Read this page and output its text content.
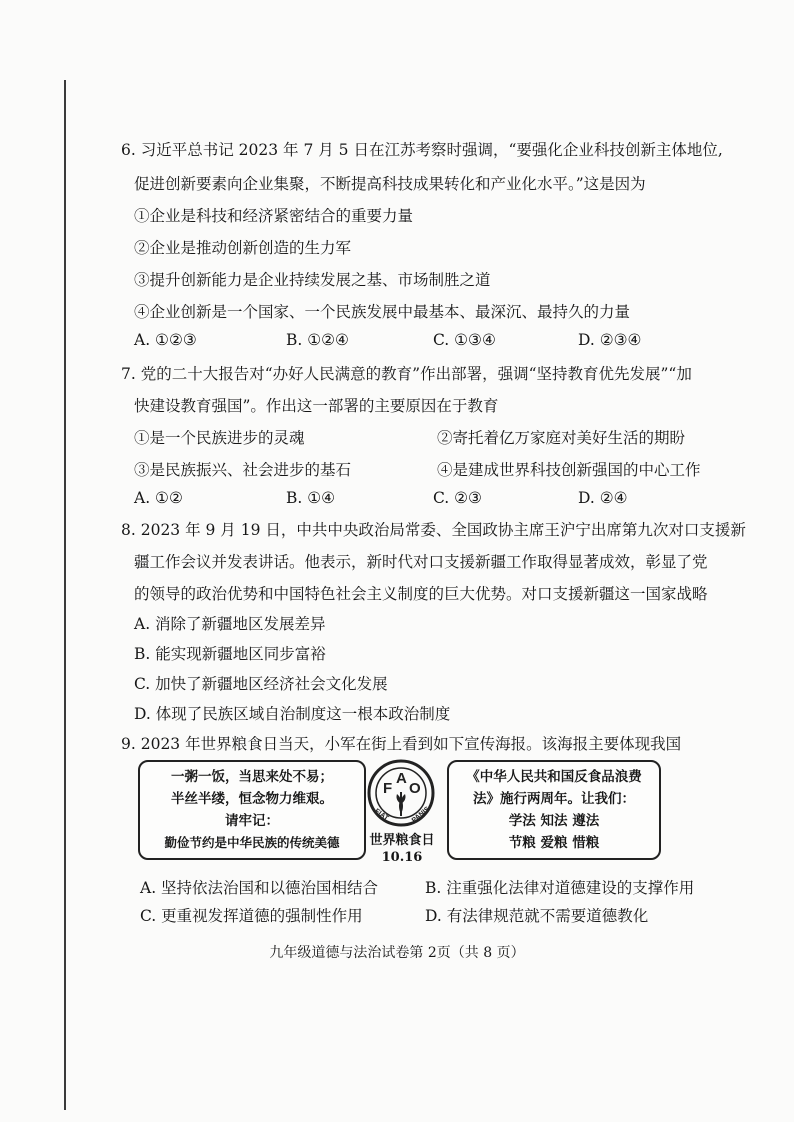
6. 习近平总书记 2023 年 7 月 5 日在江苏考察时强调，“要强化企业科技创新主体地位,
促进创新要素向企业集聚，不断提高科技成果转化和产业化水平。”这是因为
①企业是科技和经济紧密结合的重要力量
②企业是推动创新创造的生力军
③提升创新能力是企业持续发展之基、市场制胜之道
④企业创新是一个国家、一个民族发展中最基本、最深沉、最持久的力量
A. ①②③	B. ①②④	C. ①③④	D. ②③④
7. 党的二十大报告对“办好人民满意的教育”作出部署，强调“坚持教育优先发展”“加
快建设教育强国”。作出这一部署的主要原因在于教育
①是一个民族进步的灵魂	②寄托着亿万家庭对美好生活的期盼
③是民族振兴、社会进步的基石	④是建成世界科技创新强国的中心工作
A. ①②	B. ①④	C. ②③	D. ②④
8. 2023 年 9 月 19 日，中共中央政治局常委、全国政协主席王沪宁出席第九次对口支援新
疆工作会议并发表讲话。他表示，新时代对口支援新疆工作取得显著成效，彰显了党
的领导的政治优势和中国特色社会主义制度的巨大优势。对口支援新疆这一国家战略
A. 消除了新疆地区发展差异
B. 能实现新疆地区同步富裕
C. 加快了新疆地区经济社会文化发展
D. 体现了民族区域自治制度这一根本政治制度
9. 2023 年世界粮食日当天，小军在街上看到如下宣传海报。该海报主要体现我国
一粥一饭，当思来处不易；
半丝半缕，恒念物力维艰。
请牢记：
勤俭节约是中华民族的传统美德
F
A
O
FIAT	PANIS
世界粮食日
10.16
《中华人民共和国反食品浪费
法》施行两周年。让我们：
学法 知法 遵法
节粮 爱粮 惜粮
A. 坚持依法治国和以德治国相结合	B. 注重强化法律对道德建设的支撑作用
C. 更重视发挥道德的强制性作用	D. 有法律规范就不需要道德教化
九年级道德与法治试卷第 2页（共 8 页）
